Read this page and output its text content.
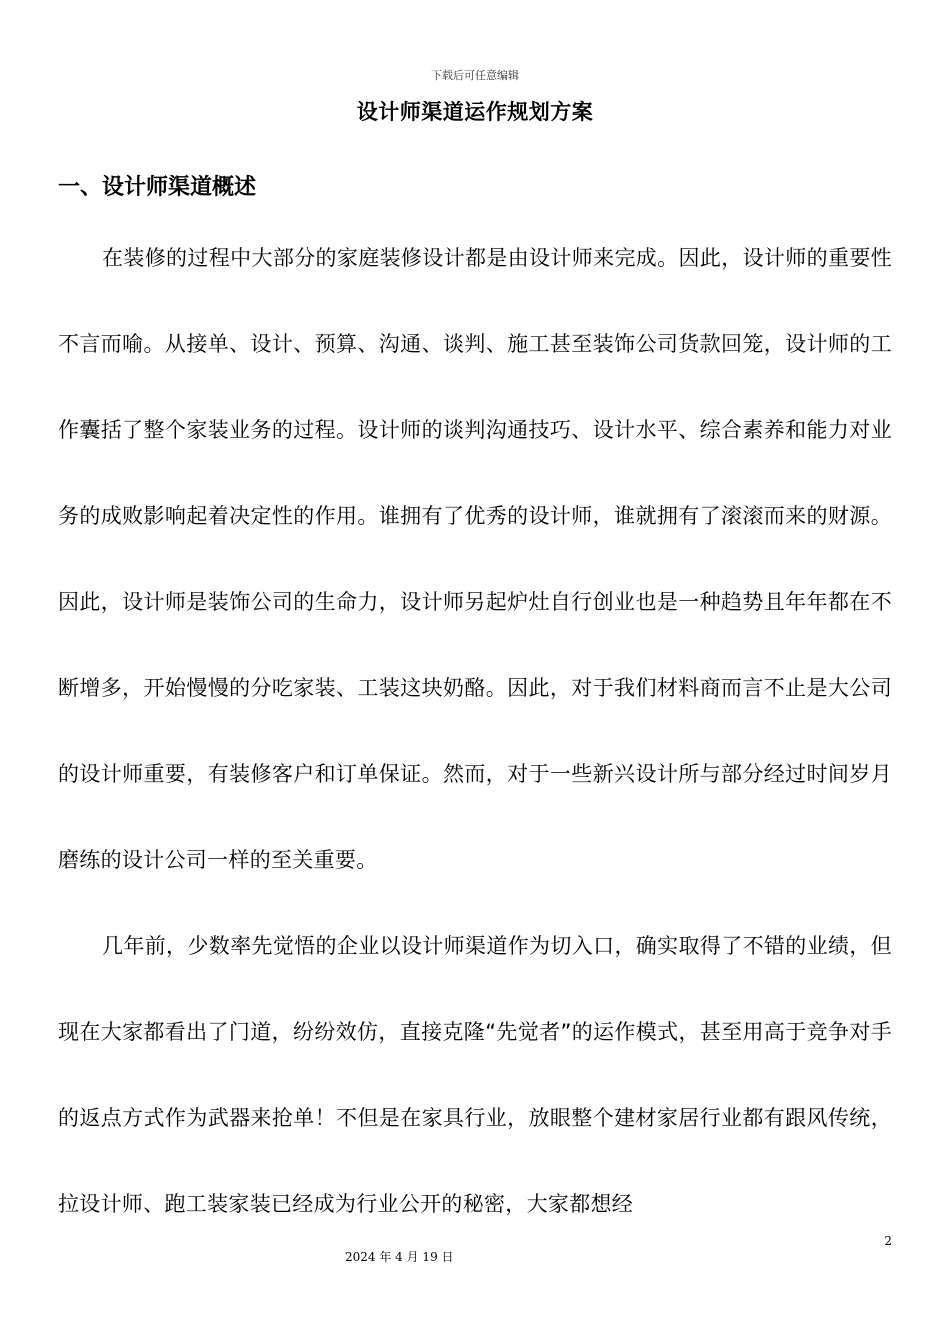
下载后可任意编辑
设计师渠道运作规划方案
一、设计师渠道概述

在装修的过程中大部分的家庭装修设计都是由设计师来完成。因此，设计师的重要性不言而喻。从接单、设计、预算、沟通、谈判、施工甚至装饰公司货款回笼，设计师的工作囊括了整个家装业务的过程。设计师的谈判沟通技巧、设计水平、综合素养和能力对业务的成败影响起着决定性的作用。谁拥有了优秀的设计师，谁就拥有了滚滚而来的财源。因此，设计师是装饰公司的生命力，设计师另起炉灶自行创业也是一种趋势且年年都在不断增多，开始慢慢的分吃家装、工装这块奶酪。因此，对于我们材料商而言不止是大公司的设计师重要，有装修客户和订单保证。然而，对于一些新兴设计所与部分经过时间岁月磨练的设计公司一样的至关重要。

几年前，少数率先觉悟的企业以设计师渠道作为切入口，确实取得了不错的业绩，但现在大家都看出了门道，纷纷效仿，直接克隆“先觉者”的运作模式，甚至用高于竞争对手的返点方式作为武器来抢单！不但是在家具行业，放眼整个建材家居行业都有跟风传统，拉设计师、跑工装家装已经成为行业公开的秘密，大家都想经

2
2024 年 4 月 19 日
